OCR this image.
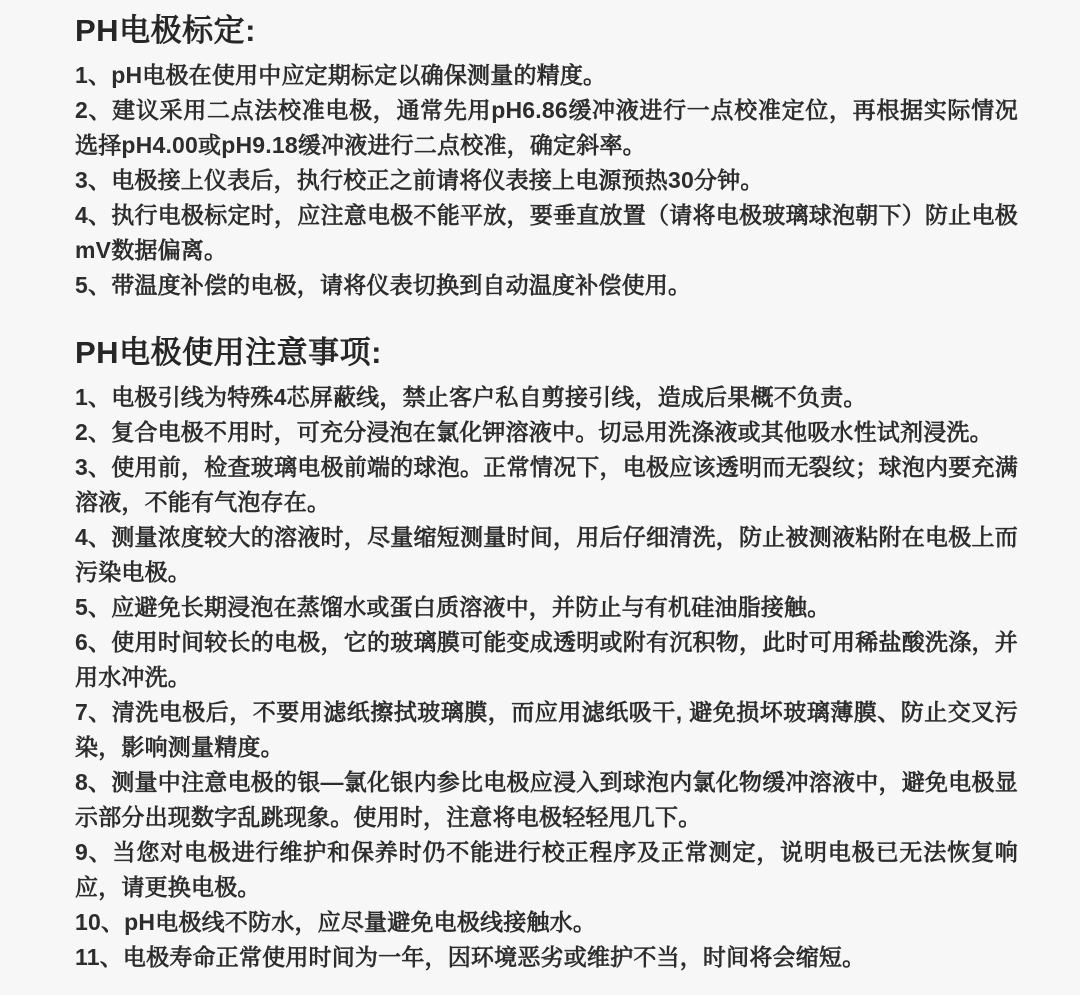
PH电极标定:
1、pH电极在使用中应定期标定以确保测量的精度。
2、建议采用二点法校准电极，通常先用pH6.86缓冲液进行一点校准定位，再根据实际情况选择pH4.00或pH9.18缓冲液进行二点校准，确定斜率。
3、电极接上仪表后，执行校正之前请将仪表接上电源预热30分钟。
4、执行电极标定时，应注意电极不能平放，要垂直放置（请将电极玻璃球泡朝下）防止电极mV数据偏离。
5、带温度补偿的电极，请将仪表切换到自动温度补偿使用。
PH电极使用注意事项:
1、电极引线为特殊4芯屏蔽线，禁止客户私自剪接引线，造成后果概不负责。
2、复合电极不用时，可充分浸泡在氯化钾溶液中。切忌用洗涤液或其他吸水性试剂浸洗。
3、使用前，检查玻璃电极前端的球泡。正常情况下，电极应该透明而无裂纹；球泡内要充满溶液，不能有气泡存在。
4、测量浓度较大的溶液时，尽量缩短测量时间，用后仔细清洗，防止被测液粘附在电极上而污染电极。
5、应避免长期浸泡在蒸馏水或蛋白质溶液中，并防止与有机硅油脂接触。
6、使用时间较长的电极，它的玻璃膜可能变成透明或附有沉积物，此时可用稀盐酸洗涤，并用水冲洗。
7、清洗电极后，不要用滤纸擦拭玻璃膜，而应用滤纸吸干, 避免损坏玻璃薄膜、防止交叉污染，影响测量精度。
8、测量中注意电极的银—氯化银内参比电极应浸入到球泡内氯化物缓冲溶液中，避免电极显示部分出现数字乱跳现象。使用时，注意将电极轻轻甩几下。
9、当您对电极进行维护和保养时仍不能进行校正程序及正常测定，说明电极已无法恢复响应，请更换电极。
10、pH电极线不防水，应尽量避免电极线接触水。
11、电极寿命正常使用时间为一年，因环境恶劣或维护不当，时间将会缩短。
